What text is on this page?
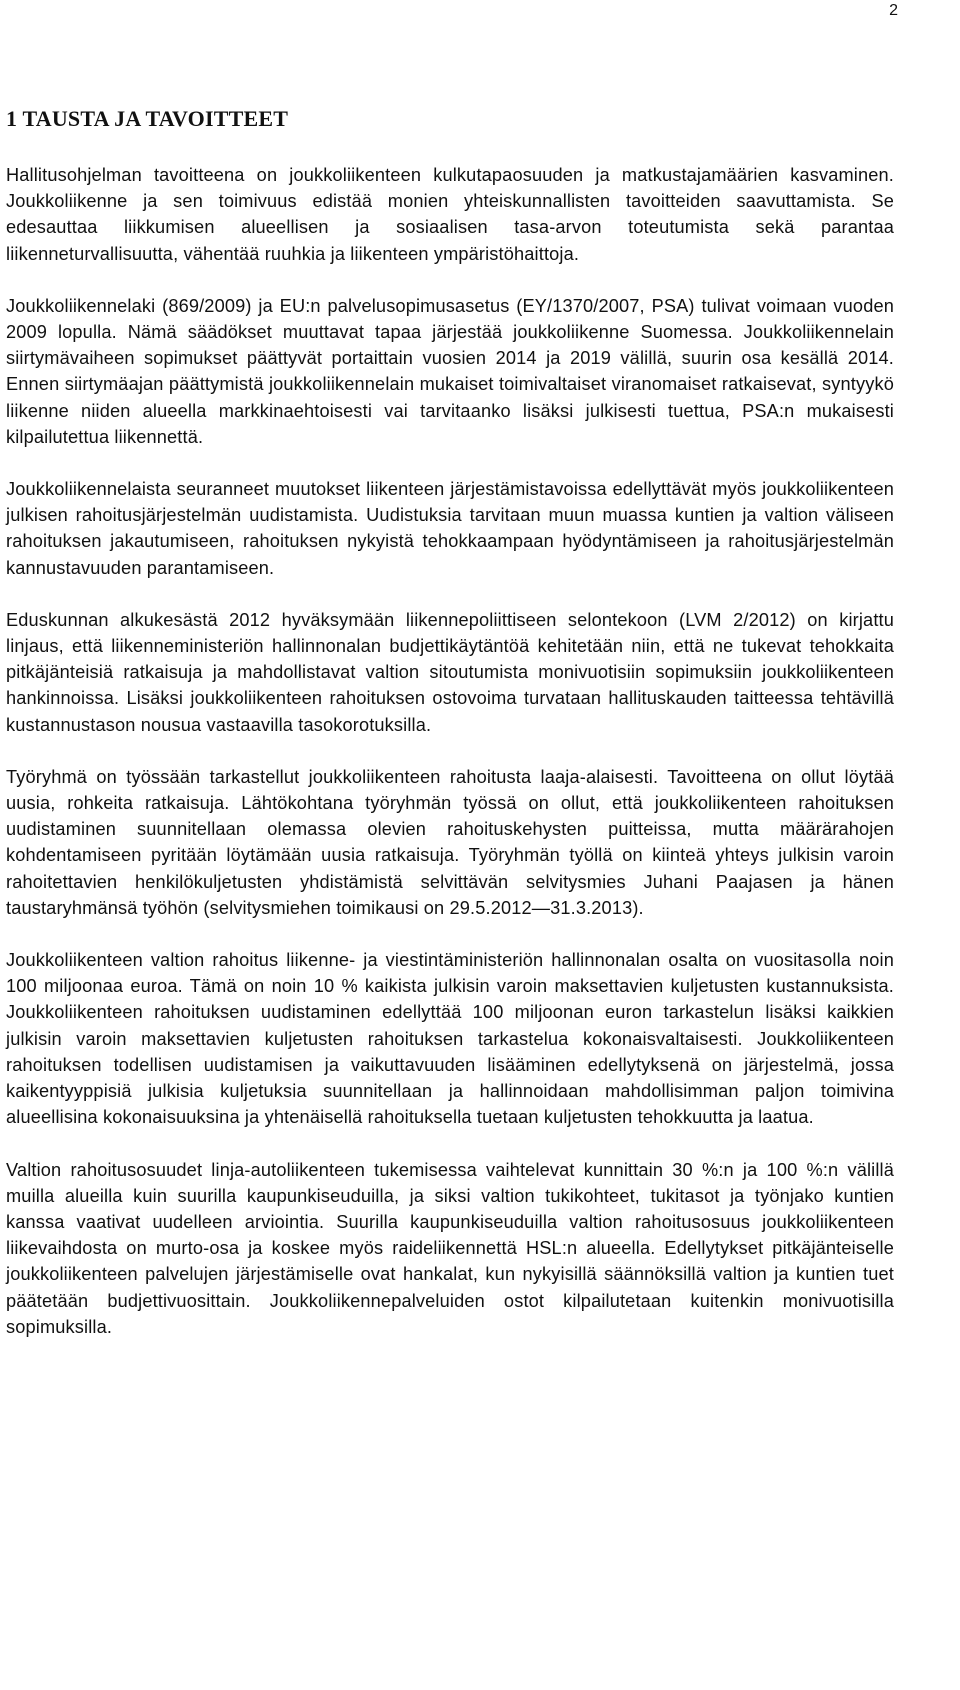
2
1 TAUSTA JA TAVOITTEET

Hallitusohjelman tavoitteena on joukkoliikenteen kulkutapaosuuden ja matkustajamäärien kasvaminen. Joukkoliikenne ja sen toimivuus edistää monien yhteiskunnallisten tavoitteiden saavuttamista. Se edesauttaa liikkumisen alueellisen ja sosiaalisen tasa-arvon toteutumista sekä parantaa liikenneturvallisuutta, vähentää ruuhkia ja liikenteen ympäristöhaittoja.

Joukkoliikennelaki (869/2009) ja EU:n palvelusopimusasetus (EY/1370/2007, PSA) tulivat voimaan vuoden 2009 lopulla. Nämä säädökset muuttavat tapaa järjestää joukkoliikenne Suomessa. Joukkoliikennelain siirtymävaiheen sopimukset päättyvät portaittain vuosien 2014 ja 2019 välillä, suurin osa kesällä 2014. Ennen siirtymäajan päättymistä joukkoliikennelain mukaiset toimivaltaiset viranomaiset ratkaisevat, syntyykö liikenne niiden alueella markkinaehtoisesti vai tarvitaanko lisäksi julkisesti tuettua, PSA:n mukaisesti kilpailutettua liikennettä.

Joukkoliikennelaista seuranneet muutokset liikenteen järjestämistavoissa edellyttävät myös joukkoliikenteen julkisen rahoitusjärjestelmän uudistamista. Uudistuksia tarvitaan muun muassa kuntien ja valtion väliseen rahoituksen jakautumiseen, rahoituksen nykyistä tehokkaampaan hyödyntämiseen ja rahoitusjärjestelmän kannustavuuden parantamiseen.

Eduskunnan alkukesästä 2012 hyväksymään liikennepoliittiseen selontekoon (LVM 2/2012) on kirjattu linjaus, että liikenneministeriön hallinnonalan budjettikäytäntöä kehitetään niin, että ne tukevat tehokkaita pitkäjänteisiä ratkaisuja ja mahdollistavat valtion sitoutumista monivuotisiin sopimuksiin joukkoliikenteen hankinnoissa. Lisäksi joukkoliikenteen rahoituksen ostovoima turvataan hallituskauden taitteessa tehtävillä kustannustason nousua vastaavilla tasokorotuksilla.

Työryhmä on työssään tarkastellut joukkoliikenteen rahoitusta laaja-alaisesti. Tavoitteena on ollut löytää uusia, rohkeita ratkaisuja. Lähtökohtana työryhmän työssä on ollut, että joukkoliikenteen rahoituksen uudistaminen suunnitellaan olemassa olevien rahoituskehysten puitteissa, mutta määrärahojen kohdentamiseen pyritään löytämään uusia ratkaisuja. Työryhmän työllä on kiinteä yhteys julkisin varoin rahoitettavien henkilökuljetusten yhdistämistä selvittävän selvitysmies Juhani Paajasen ja hänen taustaryhmänsä työhön (selvitysmiehen toimikausi on 29.5.2012—31.3.2013).

Joukkoliikenteen valtion rahoitus liikenne- ja viestintäministeriön hallinnonalan osalta on vuositasolla noin 100 miljoonaa euroa. Tämä on noin 10 % kaikista julkisin varoin maksettavien kuljetusten kustannuksista. Joukkoliikenteen rahoituksen uudistaminen edellyttää 100 miljoonan euron tarkastelun lisäksi kaikkien julkisin varoin maksettavien kuljetusten rahoituksen tarkastelua kokonaisvaltaisesti. Joukkoliikenteen rahoituksen todellisen uudistamisen ja vaikuttavuuden lisääminen edellytyksenä on järjestelmä, jossa kaikentyyppisiä julkisia kuljetuksia suunnitellaan ja hallinnoidaan mahdollisimman paljon toimivina alueellisina kokonaisuuksina ja yhtenäisellä rahoituksella tuetaan kuljetusten tehokkuutta ja laatua.

Valtion rahoitusosuudet linja-autoliikenteen tukemisessa vaihtelevat kunnittain 30 %:n ja 100 %:n välillä muilla alueilla kuin suurilla kaupunkiseuduilla, ja siksi valtion tukikohteet, tukitasot ja työnjako kuntien kanssa vaativat uudelleen arviointia. Suurilla kaupunkiseuduilla valtion rahoitusosuus joukkoliikenteen liikevaihdosta on murto-osa ja koskee myös raideliikennettä HSL:n alueella. Edellytykset pitkäjänteiselle joukkoliikenteen palvelujen järjestämiselle ovat hankalat, kun nykyisillä säännöksillä valtion ja kuntien tuet päätetään budjettivuosittain. Joukkoliikennepalveluiden ostot kilpailutetaan kuitenkin monivuotisilla sopimuksilla.
